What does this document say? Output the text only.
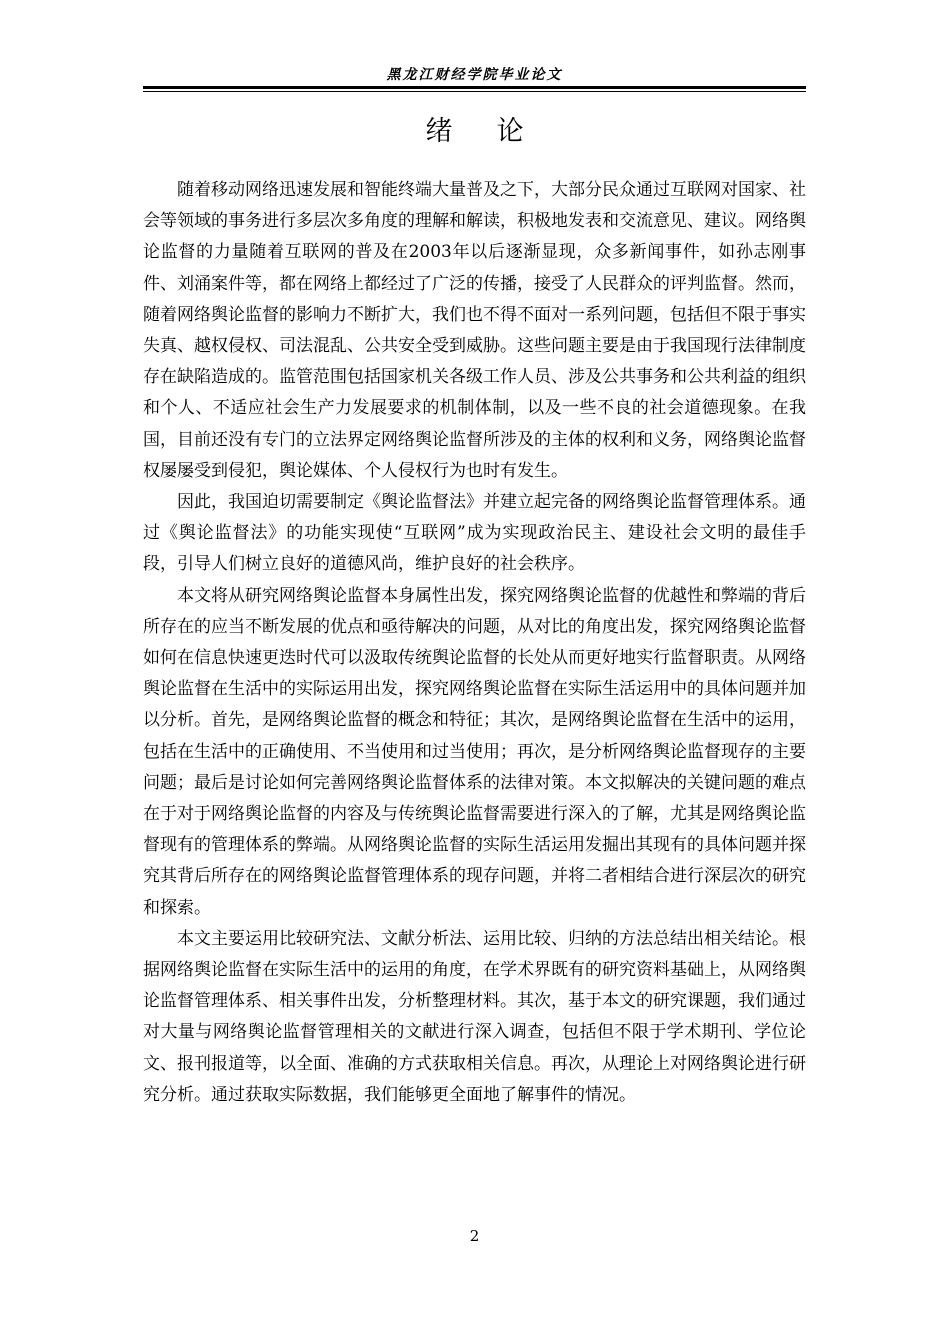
黑龙江财经学院毕业论文
绪论

随着移动网络迅速发展和智能终端大量普及之下，大部分民众通过互联网对国家、社会等领域的事务进行多层次多角度的理解和解读，积极地发表和交流意见、建议。网络舆论监督的力量随着互联网的普及在2003年以后逐渐显现，众多新闻事件，如孙志刚事件、刘涌案件等，都在网络上都经过了广泛的传播，接受了人民群众的评判监督。然而，随着网络舆论监督的影响力不断扩大，我们也不得不面对一系列问题，包括但不限于事实失真、越权侵权、司法混乱、公共安全受到威胁。这些问题主要是由于我国现行法律制度存在缺陷造成的。监管范围包括国家机关各级工作人员、涉及公共事务和公共利益的组织和个人、不适应社会生产力发展要求的机制体制，以及一些不良的社会道德现象。在我国，目前还没有专门的立法界定网络舆论监督所涉及的主体的权利和义务，网络舆论监督权屡屡受到侵犯，舆论媒体、个人侵权行为也时有发生。

因此，我国迫切需要制定《舆论监督法》并建立起完备的网络舆论监督管理体系。通过《舆论监督法》的功能实现使“互联网”成为实现政治民主、建设社会文明的最佳手段，引导人们树立良好的道德风尚，维护良好的社会秩序。

本文将从研究网络舆论监督本身属性出发，探究网络舆论监督的优越性和弊端的背后所存在的应当不断发展的优点和亟待解决的问题，从对比的角度出发，探究网络舆论监督如何在信息快速更迭时代可以汲取传统舆论监督的长处从而更好地实行监督职责。从网络舆论监督在生活中的实际运用出发，探究网络舆论监督在实际生活运用中的具体问题并加以分析。首先，是网络舆论监督的概念和特征；其次，是网络舆论监督在生活中的运用，包括在生活中的正确使用、不当使用和过当使用；再次，是分析网络舆论监督现存的主要问题；最后是讨论如何完善网络舆论监督体系的法律对策。本文拟解决的关键问题的难点在于对于网络舆论监督的内容及与传统舆论监督需要进行深入的了解，尤其是网络舆论监督现有的管理体系的弊端。从网络舆论监督的实际生活运用发掘出其现有的具体问题并探究其背后所存在的网络舆论监督管理体系的现存问题，并将二者相结合进行深层次的研究和探索。

本文主要运用比较研究法、文献分析法、运用比较、归纳的方法总结出相关结论。根据网络舆论监督在实际生活中的运用的角度，在学术界既有的研究资料基础上，从网络舆论监督管理体系、相关事件出发，分析整理材料。其次，基于本文的研究课题，我们通过对大量与网络舆论监督管理相关的文献进行深入调查，包括但不限于学术期刊、学位论文、报刊报道等，以全面、准确的方式获取相关信息。再次，从理论上对网络舆论进行研究分析。通过获取实际数据，我们能够更全面地了解事件的情况。

2
